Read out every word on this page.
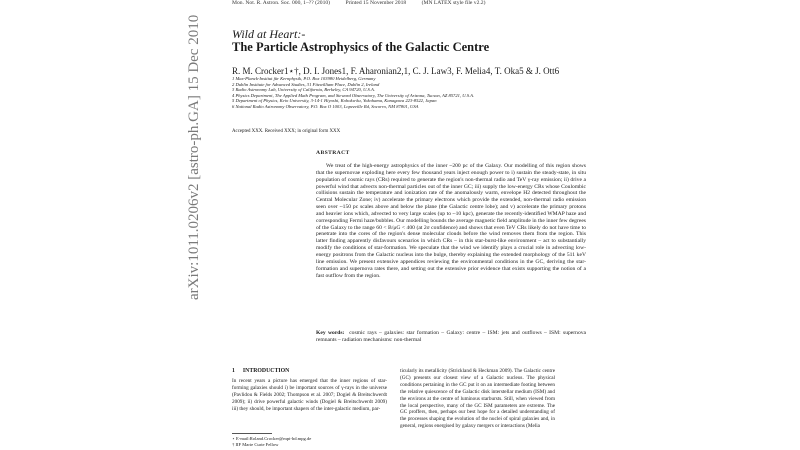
Mon. Not. R. Astron. Soc. 000, 1–?? (2010)	Printed 15 November 2018	(MN LATEX style file v2.2)
Wild at Heart:-
The Particle Astrophysics of the Galactic Centre
R. M. Crocker1⋆†, D. I. Jones1, F. Aharonian2,1, C. J. Law3, F. Melia4, T. Oka5 & J. Ott6
1 Max-Planck-Institut für Kernphysik, P.O. Box 103980 Heidelberg, Germany
2 Dublin Institute for Advanced Studies, 31 Fitzwilliam Place, Dublin 2, Ireland
3 Radio Astronomy Lab, University of California, Berkeley, CA 94720, U.S.A.
4 Physics Department, The Applied Math Program, and Steward Observatory, The University of Arizona, Tucson, AZ 85721, U.S.A.
5 Department of Physics, Keio University, 3-14-1 Hiyoshi, Kohoku-ku, Yokohama, Kanagawa 223-8522, Japan
6 National Radio Astronomy Observatory, P.O. Box O 1003, Lopezville Rd, Socorro, NM 87801, USA
arXiv:1011.0206v2 [astro-ph.GA] 15 Dec 2010	Accepted XXX. Received XXX; in original form XXX
ABSTRACT
We treat of the high-energy astrophysics of the inner ~200 pc of the Galaxy. Our modelling of this region shows that the supernovae exploding here every few thousand years inject enough power to i) sustain the steady-state, in situ population of cosmic rays (CRs) required to generate the region's non-thermal radio and TeV γ-ray emission; ii) drive a powerful wind that advects non-thermal particles out of the inner GC; iii) supply the low-energy CRs whose Coulombic collisions sustain the temperature and ionization rate of the anomalously warm, envelope H2 detected throughout the Central Molecular Zone; iv) accelerate the primary electrons which provide the extended, non-thermal radio emission seen over ~150 pc scales above and below the plane (the Galactic centre lobe); and v) accelerate the primary protons and heavier ions which, advected to very large scales (up to ~10 kpc), generate the recently-identified WMAP haze and corresponding Fermi haze/bubbles. Our modelling bounds the average magnetic field amplitude in the inner few degrees of the Galaxy to the range 60 < B/μG < 400 (at 2σ confidence) and shows that even TeV CRs likely do not have time to penetrate into the cores of the region's dense molecular clouds before the wind removes them from the region. This latter finding apparently disfavours scenarios in which CRs – in this star-burst-like environment – act to substantially modify the conditions of star-formation. We speculate that the wind we identify plays a crucial role in advecting low-energy positrons from the Galactic nucleus into the bulge, thereby explaining the extended morphology of the 511 keV line emission. We present extensive appendices reviewing the environmental conditions in the GC, deriving the star-formation and supernova rates there, and setting out the extensive prior evidence that exists supporting the notion of a fast outflow from the region.
Key words: cosmic rays – galaxies: star formation – Galaxy: centre – ISM: jets and outflows – ISM: supernova remnants – radiation mechanisms: non-thermal
1 INTRODUCTION
In recent years a picture has emerged that the inner regions of star-forming galaxies should i) be important sources of γ-rays in the universe (Pavlidou & Fields 2002; Thompson et al. 2007; Dogiel & Breitschwerdt 2009); ii) drive powerful galactic winds (Dogiel & Breitschwerdt 2009) iii) they should, be important shapers of the inter-galactic medium, par-
ticularly its metallicity (Strickland & Heckman 2009). The Galactic centre (GC) presents our closest view of a Galactic nucleus. The physical conditions pertaining in the GC put it on an intermediate footing between the relative quiescence of the Galactic disk interstellar medium (ISM) and the environs at the centre of luminous starbursts. Still, when viewed from the local perspective, many of the GC ISM parameters are extreme. The GC proffers, then, perhaps our best hope for a detailed understanding of the processes shaping the evolution of the nuclei of spiral galaxies and, in general, regions energised by galaxy mergers or interactions (Melia
⋆ E-mail:Roland.Crocker@mpi-hd.mpg.de
† IIF Marie Curie Fellow
